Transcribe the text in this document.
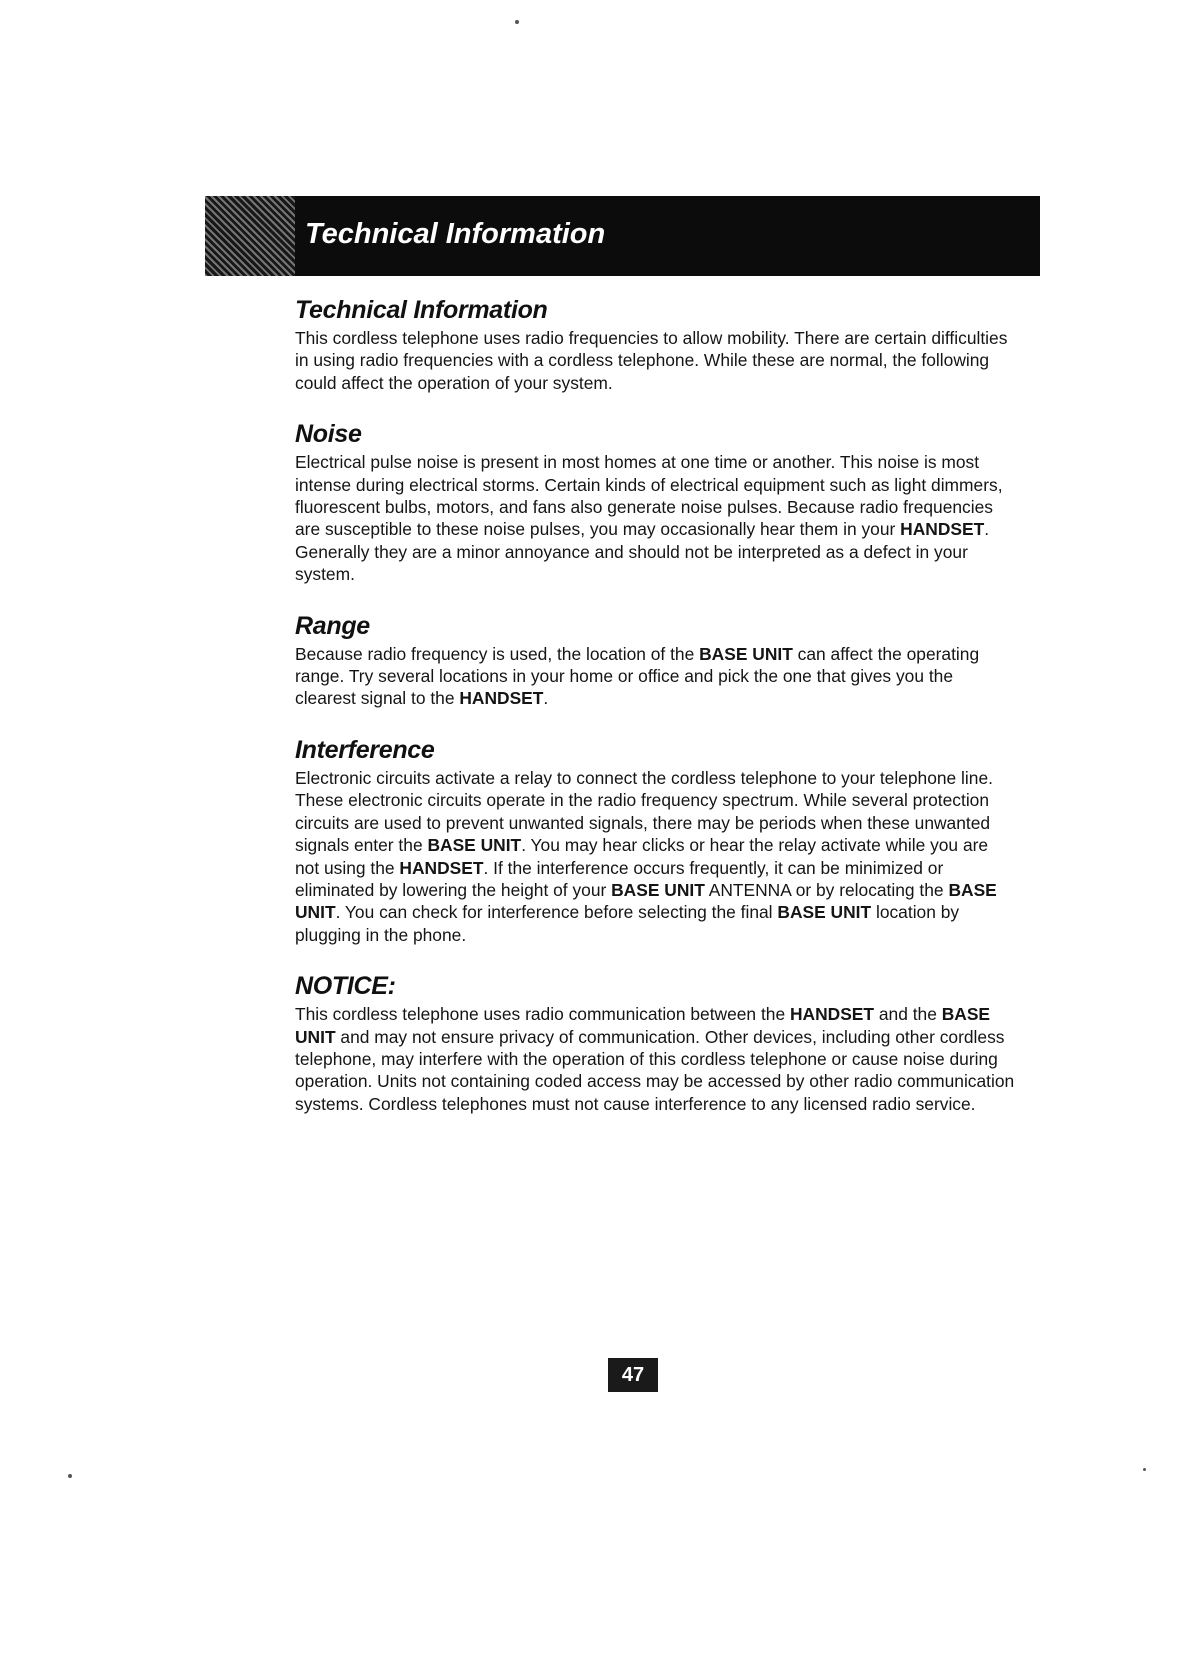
Technical Information
Technical Information

This cordless telephone uses radio frequencies to allow mobility. There are certain difficulties in using radio frequencies with a cordless telephone. While these are normal, the following could affect the operation of your system.

Noise

Electrical pulse noise is present in most homes at one time or another. This noise is most intense during electrical storms. Certain kinds of electrical equipment such as light dimmers, fluorescent bulbs, motors, and fans also generate noise pulses. Because radio frequencies are susceptible to these noise pulses, you may occasionally hear them in your HANDSET. Generally they are a minor annoyance and should not be interpreted as a defect in your system.

Range

Because radio frequency is used, the location of the BASE UNIT can affect the operating range. Try several locations in your home or office and pick the one that gives you the clearest signal to the HANDSET.

Interference

Electronic circuits activate a relay to connect the cordless telephone to your telephone line. These electronic circuits operate in the radio frequency spectrum. While several protection circuits are used to prevent unwanted signals, there may be periods when these unwanted signals enter the BASE UNIT. You may hear clicks or hear the relay activate while you are not using the HANDSET. If the interference occurs frequently, it can be minimized or eliminated by lowering the height of your BASE UNIT ANTENNA or by relocating the BASE UNIT. You can check for interference before selecting the final BASE UNIT location by plugging in the phone.

NOTICE:

This cordless telephone uses radio communication between the HANDSET and the BASE UNIT and may not ensure privacy of communication. Other devices, including other cordless telephone, may interfere with the operation of this cordless telephone or cause noise during operation. Units not containing coded access may be accessed by other radio communication systems. Cordless telephones must not cause interference to any licensed radio service.

47
